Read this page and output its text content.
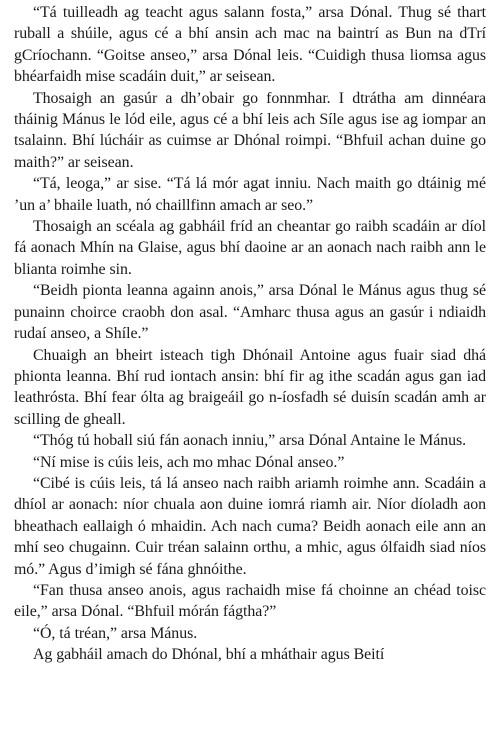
“Tá tuilleadh ag teacht agus salann fosta,” arsa Dónal. Thug sé thart ruball a shúile, agus cé a bhí ansin ach mac na baintrí as Bun na dTrí gCríochann. “Goitse anseo,” arsa Dónal leis. “Cuidigh thusa liomsa agus bhéarfaidh mise scadáin duit,” ar seisean.

Thosaigh an gasúr a dh’obair go fonnmhar. I dtrátha am dinnéara tháinig Mánus le lód eile, agus cé a bhí leis ach Síle agus ise ag iompar an tsalainn. Bhí lúcháir as cuimse ar Dhónal roimpi. “Bhfuil achan duine go maith?” ar seisean.

“Tá, leoga,” ar sise. “Tá lá mór agat inniu. Nach maith go dtáinig mé ’un a’ bhaile luath, nó chaillfinn amach ar seo.”

Thosaigh an scéala ag gabháil fríd an cheantar go raibh scadáin ar díol fá aonach Mhín na Glaise, agus bhí daoine ar an aonach nach raibh ann le blianta roimhe sin.

“Beidh pionta leanna againn anois,” arsa Dónal le Mánus agus thug sé punainn choirce craobh don asal. “Amharc thusa agus an gasúr i ndiaidh rudaí anseo, a Shíle.”

Chuaigh an bheirt isteach tigh Dhónail Antoine agus fuair siad dhá phionta leanna. Bhí rud iontach ansin: bhí fir ag ithe scadán agus gan iad leathrósta. Bhí fear ólta ag braigeáil go n-íosfadh sé duisín scadán amh ar scilling de gheall.

“Thóg tú hoball siú fán aonach inniu,” arsa Dónal Antaine le Mánus.

“Ní mise is cúis leis, ach mo mhac Dónal anseo.”

“Cibé is cúis leis, tá lá anseo nach raibh ariamh roimhe ann. Scadáin a dhíol ar aonach: níor chuala aon duine iomrá riamh air. Níor díoladh aon bheathach eallaigh ó mhaidin. Ach nach cuma? Beidh aonach eile ann an mhí seo chugainn. Cuir tréan salainn orthu, a mhic, agus ólfaidh siad níos mó.” Agus d’imigh sé fána ghnóithe.

“Fan thusa anseo anois, agus rachaidh mise fá choinne an chéad toisc eile,” arsa Dónal. “Bhfuil mórán fágtha?”

“Ó, tá tréan,” arsa Mánus.

Ag gabháil amach do Dhónal, bhí a mháthair agus Beití
